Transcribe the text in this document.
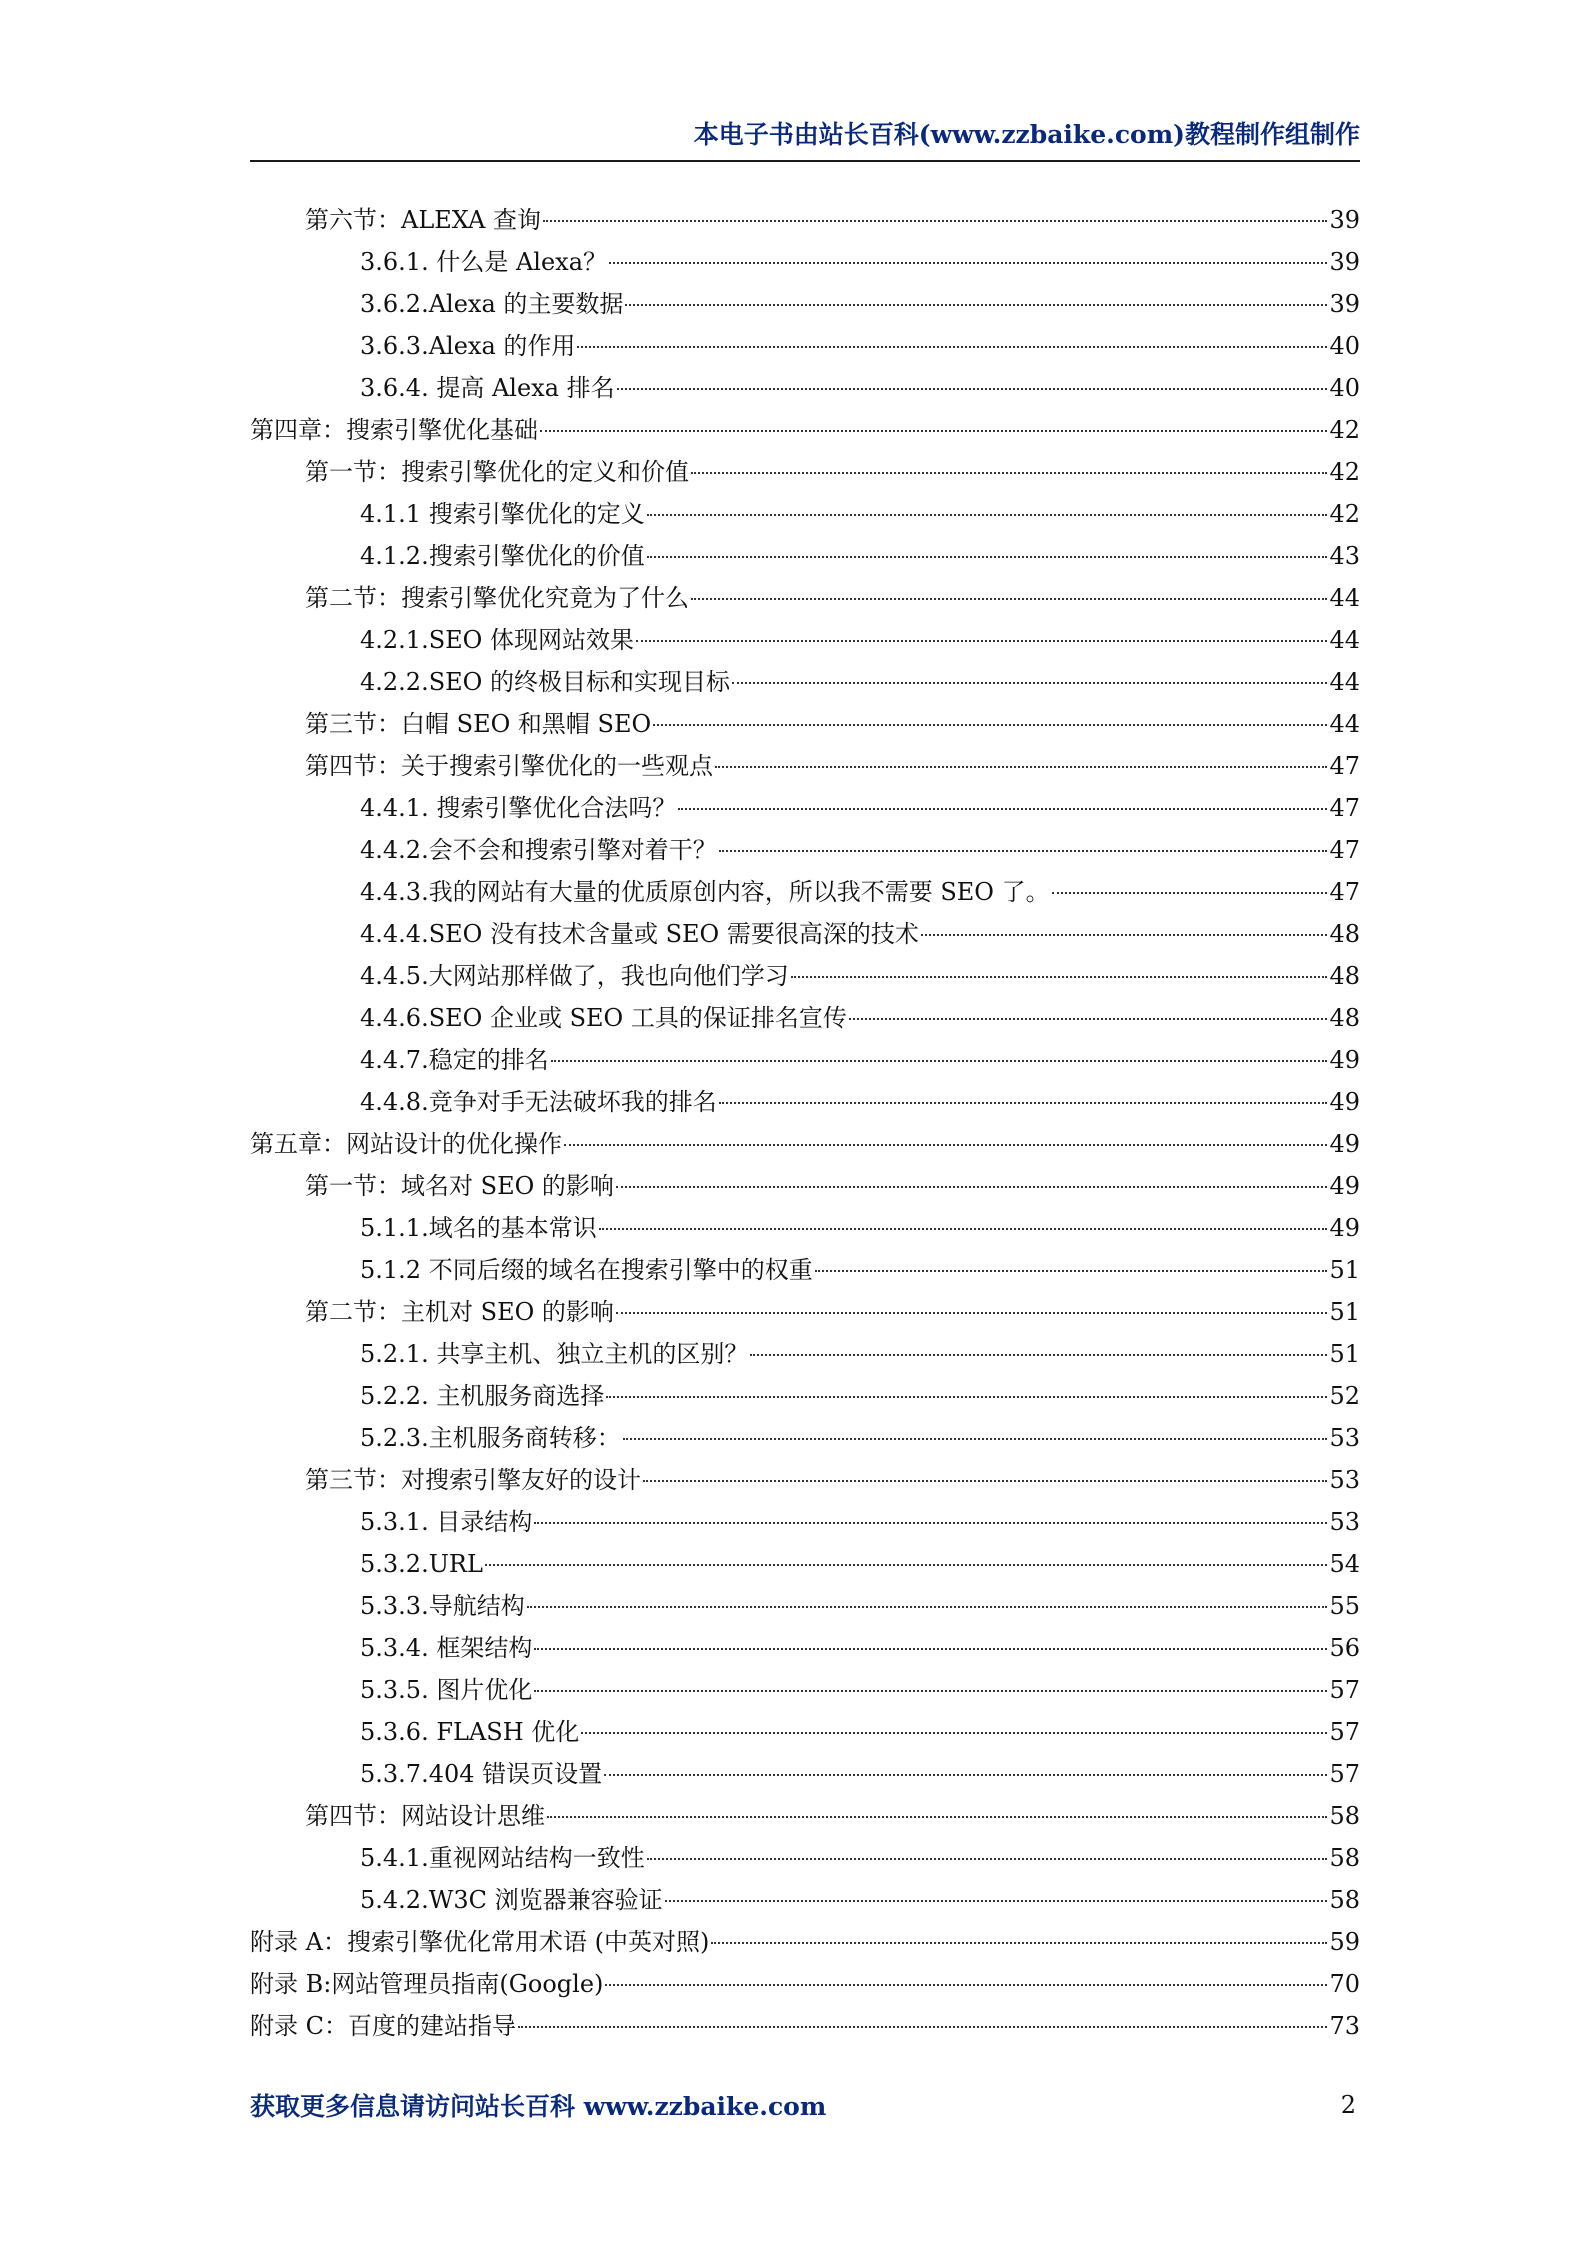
本电子书由站长百科(www.zzbaike.com)教程制作组制作
第六节：ALEXA 查询	39
3.6.1. 什么是 Alexa？	39
3.6.2.Alexa 的主要数据	39
3.6.3.Alexa 的作用	40
3.6.4. 提高 Alexa 排名	40
第四章：搜索引擎优化基础	42
第一节：搜索引擎优化的定义和价值	42
4.1.1 搜索引擎优化的定义	42
4.1.2.搜索引擎优化的价值	43
第二节：搜索引擎优化究竟为了什么	44
4.2.1.SEO 体现网站效果	44
4.2.2.SEO 的终极目标和实现目标	44
第三节：白帽 SEO 和黑帽 SEO	44
第四节：关于搜索引擎优化的一些观点	47
4.4.1. 搜索引擎优化合法吗？	47
4.4.2.会不会和搜索引擎对着干？	47
4.4.3.我的网站有大量的优质原创内容，所以我不需要 SEO 了。	47
4.4.4.SEO 没有技术含量或 SEO 需要很高深的技术	48
4.4.5.大网站那样做了，我也向他们学习	48
4.4.6.SEO 企业或 SEO 工具的保证排名宣传	48
4.4.7.稳定的排名	49
4.4.8.竞争对手无法破坏我的排名	49
第五章：网站设计的优化操作	49
第一节：域名对 SEO 的影响	49
5.1.1.域名的基本常识	49
5.1.2 不同后缀的域名在搜索引擎中的权重	51
第二节：主机对 SEO 的影响	51
5.2.1. 共享主机、独立主机的区别？	51
5.2.2. 主机服务商选择	52
5.2.3.主机服务商转移：	53
第三节：对搜索引擎友好的设计	53
5.3.1. 目录结构	53
5.3.2.URL	54
5.3.3.导航结构	55
5.3.4. 框架结构	56
5.3.5. 图片优化	57
5.3.6. FLASH 优化	57
5.3.7.404 错误页设置	57
第四节：网站设计思维	58
5.4.1.重视网站结构一致性	58
5.4.2.W3C 浏览器兼容验证	58
附录 A：搜索引擎优化常用术语 (中英对照)	59
附录 B:网站管理员指南(Google)	70
附录 C：百度的建站指导	73
获取更多信息请访问站长百科 www.zzbaike.com	2
